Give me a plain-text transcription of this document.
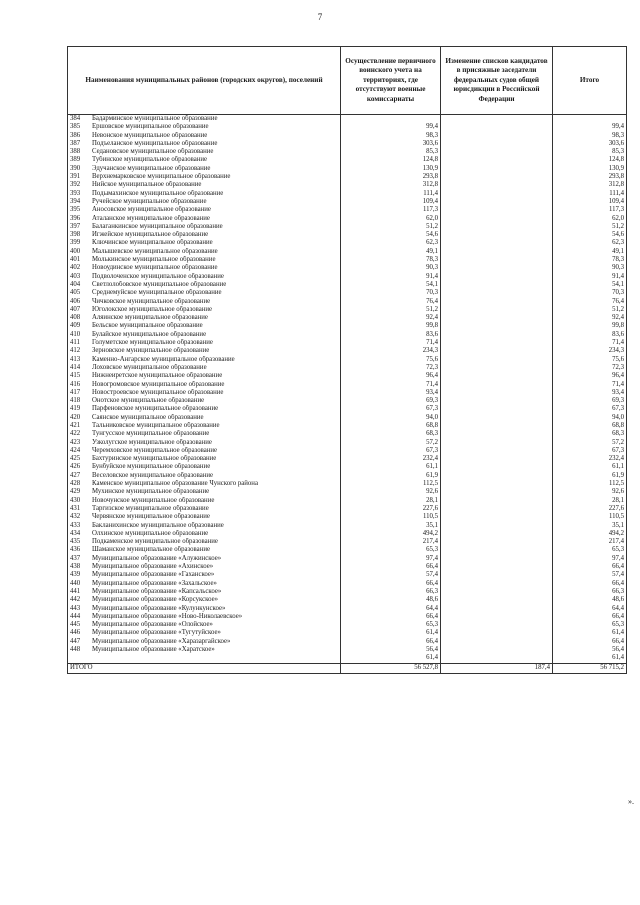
7
Наименования муниципальных районов (городских округов), поселений	Осуществление первичного воинского учета на территориях, где отсутствуют военные комиссариаты	Изменение списков кандидатов в присяжные заседатели федеральных судов общей юрисдикции в Российской Федерации	Итого
384 Бадарминское муниципальное образование			
385 Ершовское муниципальное образование	99,4		99,4
386 Невонское муниципальное образование	98,3		98,3
387 Подъеланское муниципальное образование	303,6		303,6
388 Седановское муниципальное образование	85,3		85,3
389 Тубинское муниципальное образование	124,8		124,8
390 Эдучанское муниципальное образование	130,9		130,9
391 Верхнемарковское муниципальное образование	293,8		293,8
392 Нийское муниципальное образование	312,8		312,8
393 Подымахинское муниципальное образование	111,4		111,4
394 Ручейское муниципальное образование	109,4		109,4
395 Аносовское муниципальное образование	117,3		117,3
396 Аталанское муниципальное образование	62,0		62,0
397 Балаганкинское муниципальное образование	51,2		51,2
398 Игжейское муниципальное образование	54,6		54,6
399 Ключинское муниципальное образование	62,3		62,3
400 Малышевское муниципальное образование	49,1		49,1
401 Молькинское муниципальное образование	78,3		78,3
402 Новоудинское муниципальное образование	90,3		90,3
403 Подволоченское муниципальное образование	91,4		91,4
404 Светлолобовское муниципальное образование	54,1		54,1
405 Среднемуйское муниципальное образование	70,3		70,3
406 Чичковское муниципальное образование	76,4		76,4
407 Юголокское муниципальное образование	51,2		51,2
408 Аляинское муниципальное образование	92,4		92,4
409 Бельское муниципальное образование	99,8		99,8
410 Булайское муниципальное образование	83,6		83,6
411 Голуметское муниципальное образование	71,4		71,4
412 Зерновское муниципальное образование	234,3		234,3
413 Каменно-Ангарское муниципальное образование	75,6		75,6
414 Лоховское муниципальное образование	72,3		72,3
415 Нижнеиретское муниципальное образование	96,4		96,4
416 Новогромовское муниципальное образование	71,4		71,4
417 Новостроевское муниципальное образование	93,4		93,4
418 Онотское муниципальное образование	69,3		69,3
419 Парфеновское муниципальное образование	67,3		67,3
420 Саянское муниципальное образование	94,0		94,0
421 Тальниковское муниципальное образование	68,8		68,8
422 Тунгусское муниципальное образование	68,3		68,3
423 Узколугское муниципальное образование	57,2		57,2
424 Черемховское муниципальное образование	67,3		67,3
425 Бахтуринское муниципальное образование	232,4		232,4
426 Бунбуйское муниципальное образование	61,1		61,1
427 Веселовское муниципальное образование	61,9		61,9
428 Каменское муниципальное образование Чунского района	112,5		112,5
429 Мухинское муниципальное образование	92,6		92,6
430 Новочунское муниципальное образование	28,1		28,1
431 Таргизское муниципальное образование	227,6		227,6
432 Червянское муниципальное образование	110,5		110,5
433 Бакланихинское муниципальное образование	35,1		35,1
434 Олхинское муниципальное образование	494,2		494,2
435 Подкаменское муниципальное образование	217,4		217,4
436 Шаманское муниципальное образование	65,3		65,3
437 Муниципальное образование «Алужинское»	97,4		97,4
438 Муниципальное образование «Ахинское»	66,4		66,4
439 Муниципальное образование «Гаханское»	57,4		57,4
440 Муниципальное образование «Захальское»	66,4		66,4
441 Муниципальное образование «Капсальское»	66,3		66,3
442 Муниципальное образование «Корсукское»	48,6		48,6
443 Муниципальное образование «Кулункунское»	64,4		64,4
444 Муниципальное образование «Ново-Николаевское»	66,4		66,4
445 Муниципальное образование «Олойское»	65,3		65,3
446 Муниципальное образование «Тугутуйское»	61,4		61,4
447 Муниципальное образование «Харазаргайское»	66,4		66,4
448 Муниципальное образование «Харатское»	56,4		56,4
	61,4		61,4
ИТОГО	56 527,8	187,4	56 715,2
».
